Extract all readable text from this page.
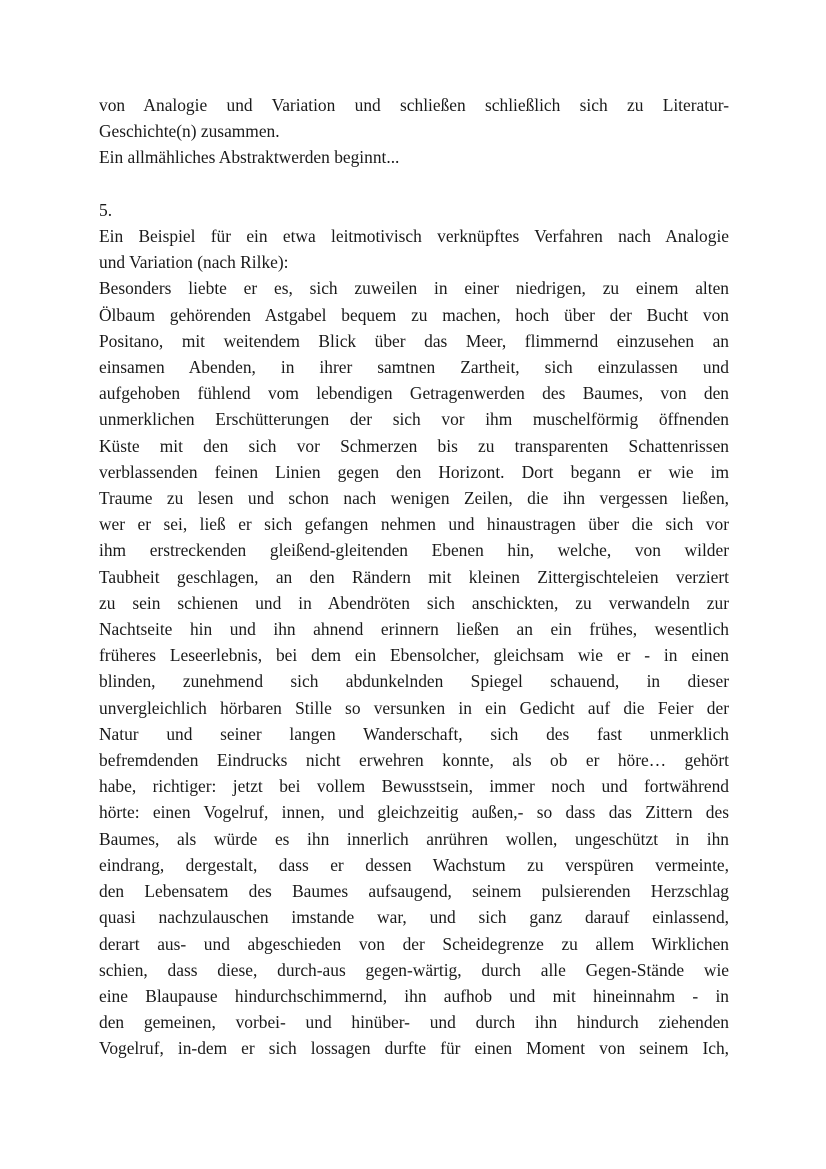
von Analogie und Variation und schließen schließlich sich zu Literatur-
Geschichte(n) zusammen.
Ein allmähliches Abstraktwerden beginnt...

5.
Ein Beispiel für ein etwa leitmotivisch verknüpftes Verfahren nach Analogie
und Variation (nach Rilke):
Besonders liebte er es, sich zuweilen in einer niedrigen, zu einem alten
Ölbaum gehörenden Astgabel bequem zu machen, hoch über der Bucht von
Positano, mit weitendem Blick über das Meer, flimmernd einzusehen an
einsamen Abenden, in ihrer samtnen Zartheit, sich einzulassen und
aufgehoben fühlend vom lebendigen Getragenwerden des Baumes, von den
unmerklichen Erschütterungen der sich vor ihm muschelförmig öffnenden
Küste mit den sich vor Schmerzen bis zu transparenten Schattenrissen
verblassenden feinen Linien gegen den Horizont. Dort begann er wie im
Traume zu lesen und schon nach wenigen Zeilen, die ihn vergessen ließen,
wer er sei, ließ er sich gefangen nehmen und hinaustragen über die sich vor
ihm erstreckenden gleißend-gleitenden Ebenen hin, welche, von wilder
Taubheit geschlagen, an den Rändern mit kleinen Zittergischteleien verziert
zu sein schienen und in Abendröten sich anschickten, zu verwandeln zur
Nachtseite hin und ihn ahnend erinnern ließen an ein frühes, wesentlich
früheres Leseerlebnis, bei dem ein Ebensolcher, gleichsam wie er - in einen
blinden, zunehmend sich abdunkelnden Spiegel schauend, in dieser
unvergleichlich hörbaren Stille so versunken in ein Gedicht auf die Feier der
Natur und seiner langen Wanderschaft, sich des fast unmerklich
befremdenden Eindrucks nicht erwehren konnte, als ob er höre… gehört
habe, richtiger: jetzt bei vollem Bewusstsein, immer noch und fortwährend
hörte: einen Vogelruf, innen, und gleichzeitig außen,- so dass das Zittern des
Baumes, als würde es ihn innerlich anrühren wollen, ungeschützt in ihn
eindrang, dergestalt, dass er dessen Wachstum zu verspüren vermeinte,
den Lebensatem des Baumes aufsaugend, seinem pulsierenden Herzschlag
quasi nachzulauschen imstande war, und sich ganz darauf einlassend,
derart aus- und abgeschieden von der Scheidegrenze zu allem Wirklichen
schien, dass diese, durch-aus gegen-wärtig, durch alle Gegen-Stände wie
eine Blaupause hindurchschimmernd, ihn aufhob und mit hineinnahm - in
den gemeinen, vorbei- und hinüber- und durch ihn hindurch ziehenden
Vogelruf, in-dem er sich lossagen durfte für einen Moment von seinem Ich,
